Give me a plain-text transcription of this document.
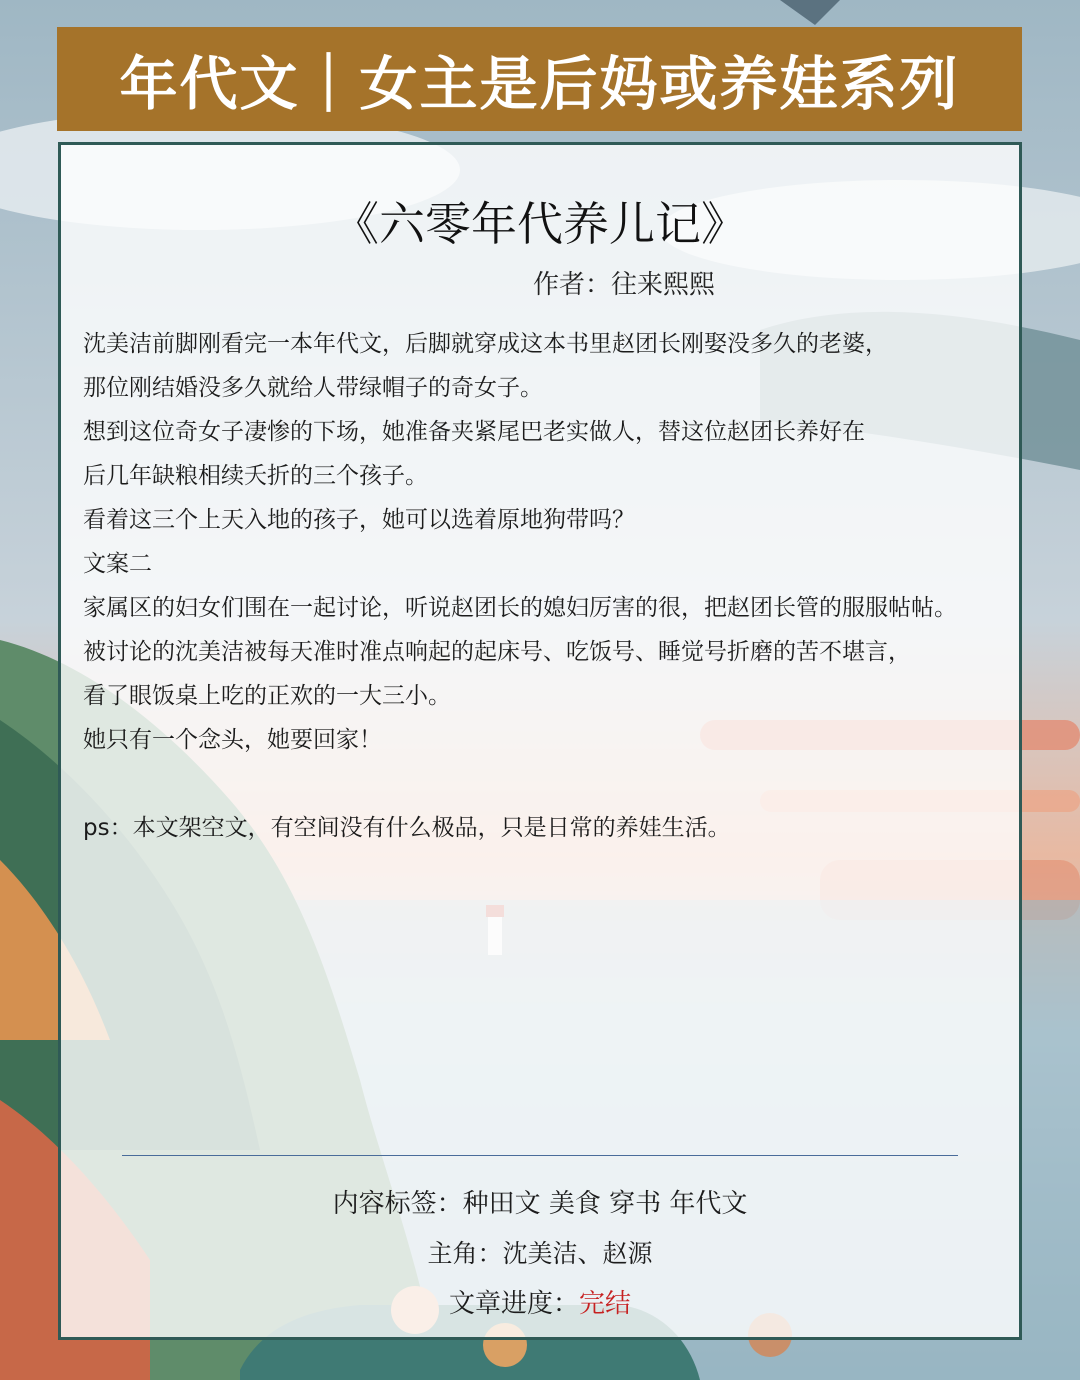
年代文｜女主是后妈或养娃系列
《六零年代养儿记》
作者：往来熙熙
沈美洁前脚刚看完一本年代文，后脚就穿成这本书里赵团长刚娶没多久的老婆，
那位刚结婚没多久就给人带绿帽子的奇女子。
想到这位奇女子凄惨的下场，她准备夹紧尾巴老实做人，替这位赵团长养好在
后几年缺粮相续夭折的三个孩子。
看着这三个上天入地的孩子，她可以选着原地狗带吗？
文案二
家属区的妇女们围在一起讨论，听说赵团长的媳妇厉害的很，把赵团长管的服服帖帖。
被讨论的沈美洁被每天准时准点响起的起床号、吃饭号、睡觉号折磨的苦不堪言，
看了眼饭桌上吃的正欢的一大三小。
她只有一个念头，她要回家！
ps：本文架空文，有空间没有什么极品，只是日常的养娃生活。
内容标签：种田文 美食 穿书 年代文
主角：沈美洁、赵源
文章进度：完结
